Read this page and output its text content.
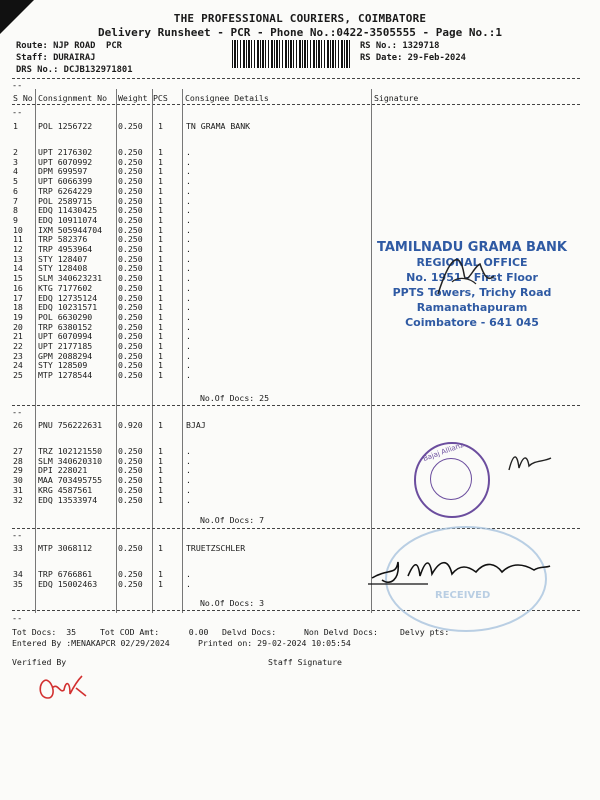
THE PROFESSIONAL COURIERS, COIMBATORE
Delivery Runsheet - PCR - Phone No.:0422-3505555 - Page No.:1
Route: NJP ROAD  PCR
Staff: DURAIRAJ
DRS No.: DCJB132971801
RS No.: 1329718
RS Date: 29-Feb-2024
--
S No Consignment No Weight PCS Consignee Details	Signature
--
1 POL 1256722	0.250 1	TN GRAMA BANK
2 UPT 2176302	0.250 1	.
3 UPT 6070992	0.250 1	.
4 DPM 699597	0.250 1	.
5 UPT 6066399	0.250 1	.
6 TRP 6264229	0.250 1	.
7 POL 2589715	0.250 1	.
8 EDQ 11430425	0.250 1	.
9 EDQ 10911074	0.250 1	.
10 IXM 505944704 0.250 1	.
11 TRP 582376	0.250 1	.
12 TRP 4953964	0.250 1	.
13 STY 128407	0.250 1	.
14 STY 128408	0.250 1	.
15 SLM 340623231 0.250 1	.
16 KTG 7177602	0.250 1	.
17 EDQ 12735124	0.250 1	.
18 EDQ 10231571	0.250 1	.
19 POL 6630290	0.250 1	.
20 TRP 6380152	0.250 1	.
21 UPT 6070994	0.250 1	.
22 UPT 2177185	0.250 1	.
23 GPM 2088294	0.250 1	.
24 STY 128509	0.250 1	.
25 MTP 1278544	0.250 1	.
No.Of Docs: 25
26 PNU 756222631 0.920 1	BJAJ
27 TRZ 102121550 0.250 1	.
28 SLM 340620310 0.250 1	.
29 DPI 228021	0.250 1	.
30 MAA 703495755 0.250 1	.
31 KRG 4587561	0.250 1	.
32 EDQ 13533974	0.250 1	.
No.Of Docs: 7
33 MTP 3068112	0.250 1	TRUETZSCHLER
34 TRP 6766861	0.250 1	.
35 EDQ 15002463	0.250 1	.
No.Of Docs: 3
--
--
--
Tot Docs:  35	Tot COD Amt:      0.00 Delvd Docs:	Non Delvd Docs:	Delvy pts:
Entered By :MENAKAPCR 02/29/2024	Printed on: 29-02-2024 10:05:54
Verified By	Staff Signature
TAMILNADU GRAMA BANK
REGIONAL OFFICE
No. 1951 - First Floor
PPTS Towers, Trichy Road
Ramanathapuram
Coimbatore - 641 045
Bajaj Allianz
RECEIVED
